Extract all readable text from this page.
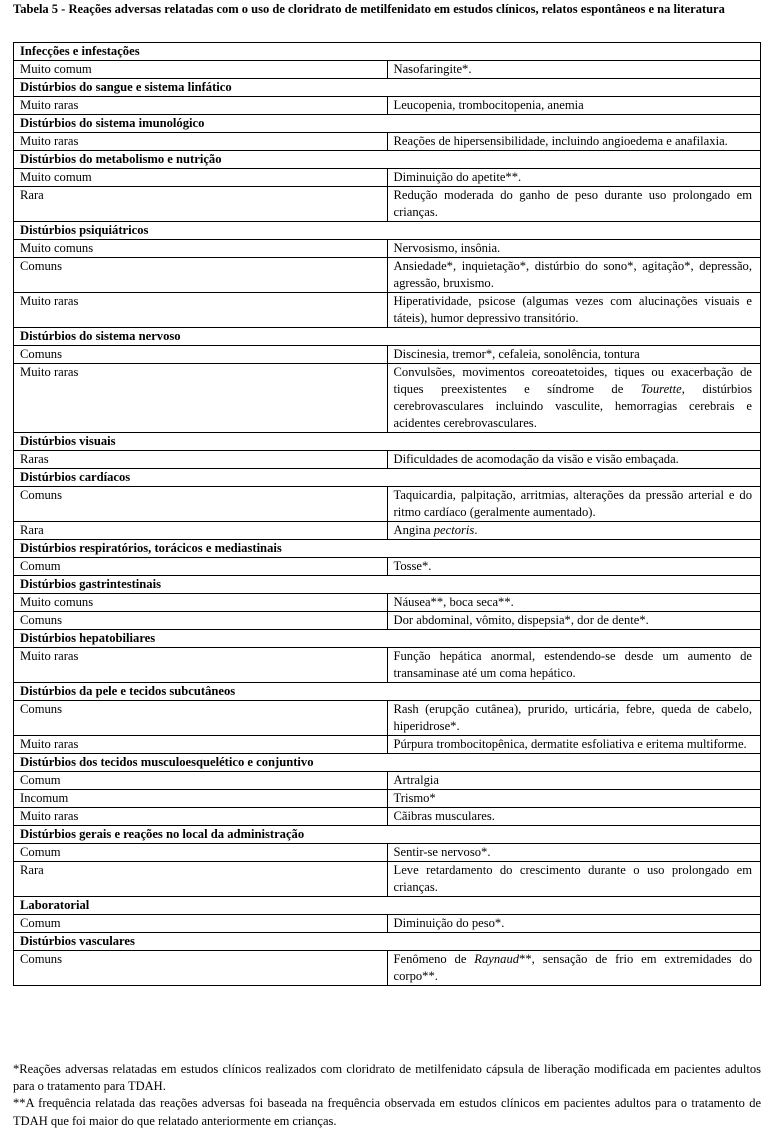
Tabela 5 - Reações adversas relatadas com o uso de cloridrato de metilfenidato em estudos clínicos, relatos espontâneos e na literatura
Infecções e infestações	
Muito comum	Nasofaringite*.
Distúrbios do sangue e sistema linfático	
Muito raras	Leucopenia, trombocitopenia, anemia
Distúrbios do sistema imunológico	
Muito raras	Reações de hipersensibilidade, incluindo angioedema e anafilaxia.
Distúrbios do metabolismo e nutrição	
Muito comum	Diminuição do apetite**.
Rara	Redução moderada do ganho de peso durante uso prolongado em crianças.
Distúrbios psiquiátricos	
Muito comuns	Nervosismo, insônia.
Comuns	Ansiedade*, inquietação*, distúrbio do sono*, agitação*, depressão, agressão, bruxismo.
Muito raras	Hiperatividade, psicose (algumas vezes com alucinações visuais e táteis), humor depressivo transitório.
Distúrbios do sistema nervoso	
Comuns	Discinesia, tremor*, cefaleia, sonolência, tontura
Muito raras	Convulsões, movimentos coreoatetoides, tiques ou exacerbação de tiques preexistentes e síndrome de Tourette, distúrbios cerebrovasculares incluindo vasculite, hemorragias cerebrais e acidentes cerebrovasculares.
Distúrbios visuais	
Raras	Dificuldades de acomodação da visão e visão embaçada.
Distúrbios cardíacos	
Comuns	Taquicardia, palpitação, arritmias, alterações da pressão arterial e do ritmo cardíaco (geralmente aumentado).
Rara	Angina pectoris.
Distúrbios respiratórios, torácicos e mediastinais	
Comum	Tosse*.
Distúrbios gastrintestinais	
Muito comuns	Náusea**, boca seca**.
Comuns	Dor abdominal, vômito, dispepsia*, dor de dente*.
Distúrbios hepatobiliares	
Muito raras	Função hepática anormal, estendendo-se desde um aumento de transaminase até um coma hepático.
Distúrbios da pele e tecidos subcutâneos	
Comuns	Rash (erupção cutânea), prurido, urticária, febre, queda de cabelo, hiperidrose*.
Muito raras	Púrpura trombocitopênica, dermatite esfoliativa e eritema multiforme.
Distúrbios dos tecidos musculoesquelético e conjuntivo	
Comum	Artralgia
Incomum	Trismo*
Muito raras	Cãibras musculares.
Distúrbios gerais e reações no local da administração	
Comum	Sentir-se nervoso*.
Rara	Leve retardamento do crescimento durante o uso prolongado em crianças.
Laboratorial	
Comum	Diminuição do peso*.
Distúrbios vasculares	
Comuns	Fenômeno de Raynaud**, sensação de frio em extremidades do corpo**.

*Reações adversas relatadas em estudos clínicos realizados com cloridrato de metilfenidato cápsula de liberação modificada em pacientes adultos para o tratamento para TDAH.

**A frequência relatada das reações adversas foi baseada na frequência observada em estudos clínicos em pacientes adultos para o tratamento de TDAH que foi maior do que relatado anteriormente em crianças.
